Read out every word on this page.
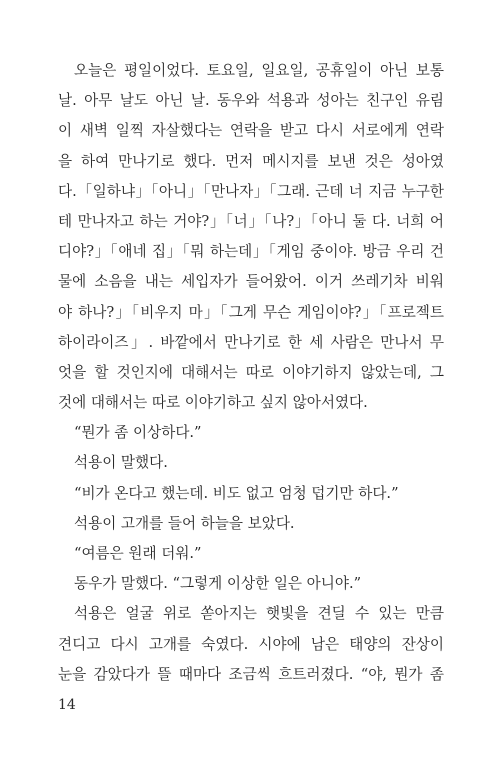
오늘은 평일이었다. 토요일, 일요일, 공휴일이 아닌 보통
날. 아무 날도 아닌 날. 동우와 석용과 성아는 친구인 유림
이 새벽 일찍 자살했다는 연락을 받고 다시 서로에게 연락
을 하여 만나기로 했다. 먼저 메시지를 보낸 것은 성아였
다.「일하냐」「아니」「만나자」「그래. 근데 너 지금 누구한
테 만나자고 하는 거야?」「너」「나?」「아니 둘 다. 너희 어
디야?」「애네 집」「뭐 하는데」「게임 중이야. 방금 우리 건
물에 소음을 내는 세입자가 들어왔어. 이거 쓰레기차 비워
야 하나?」「비우지 마」「그게 무슨 게임이야?」「프로젝트
하이라이즈」. 바깥에서 만나기로 한 세 사람은 만나서 무
엇을 할 것인지에 대해서는 따로 이야기하지 않았는데, 그
것에 대해서는 따로 이야기하고 싶지 않아서였다.
“뭔가 좀 이상하다.”
석용이 말했다.
“비가 온다고 했는데. 비도 없고 엄청 덥기만 하다.”
석용이 고개를 들어 하늘을 보았다.
“여름은 원래 더워.”
동우가 말했다. “그렇게 이상한 일은 아니야.”
석용은 얼굴 위로 쏟아지는 햇빛을 견딜 수 있는 만큼
견디고 다시 고개를 숙였다. 시야에 남은 태양의 잔상이
눈을 감았다가 뜰 때마다 조금씩 흐트러졌다. “야, 뭔가 좀
14
